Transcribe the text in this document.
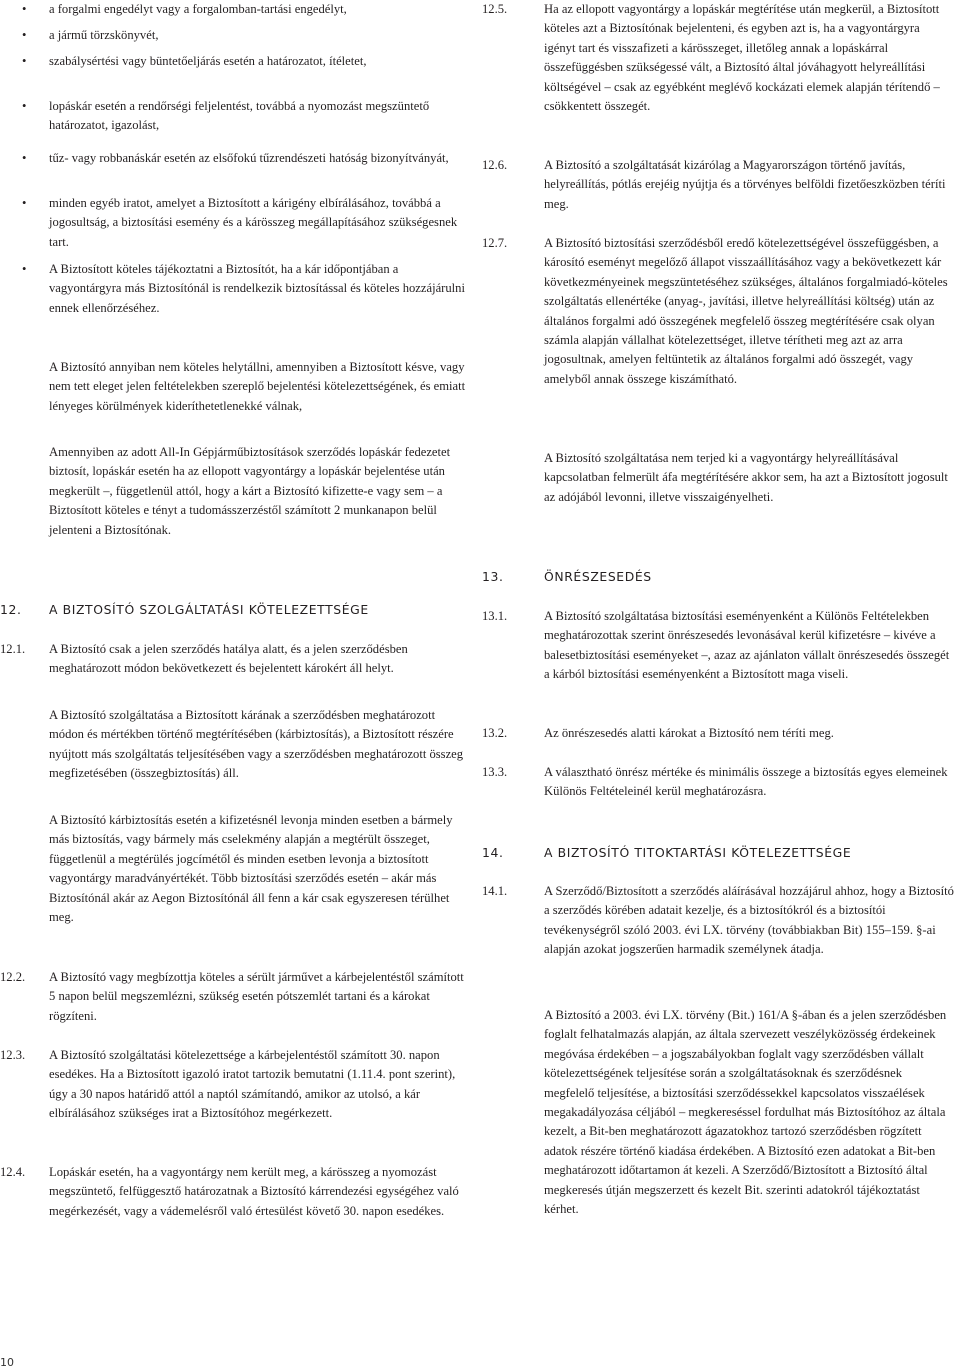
• a forgalmi engedélyt vagy a forgalomban-tartási engedélyt,

• a jármű törzskönyvét,

• szabálysértési vagy büntetőeljárás esetén a határozatot, ítéletet,

• lopáskár esetén a rendőrségi feljelentést, továbbá a nyomozást megszüntető határozatot, igazolást,

• tűz- vagy robbanáskár esetén az elsőfokú tűzrendészeti hatóság bizonyítványát,

• minden egyéb iratot, amelyet a Biztosított a kárigény elbírálásához, továbbá a jogosultság, a biztosítási esemény és a kárösszeg megállapításához szükségesnek tart.

• A Biztosított köteles tájékoztatni a Biztosítót, ha a kár időpontjában a vagyontárgyra más Biztosítónál is rendelkezik biztosítással és köteles hozzájárulni ennek ellenőrzéséhez.

A Biztosító annyiban nem köteles helytállni, amennyiben a Biztosított késve, vagy nem tett eleget jelen feltételekben szereplő bejelentési kötelezettségének, és emiatt lényeges körülmények kideríthetetlenekké válnak,

Amennyiben az adott All-In Gépjárműbiztosítások szerződés lopáskár fedezetet biztosít, lopáskár esetén ha az ellopott vagyontárgy a lopáskár bejelentése után megkerült –, függetlenül attól, hogy a kárt a Biztosító kifizette-e vagy sem – a Biztosított köteles e tényt a tudomásszerzéstől számított 2 munkanapon belül jelenteni a Biztosítónak.

12. A BIZTOSÍTÓ SZOLGÁLTATÁSI KÖTELEZETTSÉGE
12.1. A Biztosító csak a jelen szerződés hatálya alatt, és a jelen szerződésben meghatározott módon bekövetkezett és bejelentett károkért áll helyt.

A Biztosító szolgáltatása a Biztosított kárának a szerződésben meghatározott módon és mértékben történő megtérítésében (kárbiztosítás), a Biztosított részére nyújtott más szolgáltatás teljesítésében vagy a szerződésben meghatározott összeg megfizetésében (összegbiztosítás) áll.

A Biztosító kárbiztosítás esetén a kifizetésnél levonja minden esetben a bármely más biztosítás, vagy bármely más cselekmény alapján a megtérült összeget, függetlenül a megtérülés jogcímétől és minden esetben levonja a biztosított vagyontárgy maradványértékét. Több biztosítási szerződés esetén – akár más Biztosítónál akár az Aegon Biztosítónál áll fenn a kár csak egyszeresen térülhet meg.

12.2. A Biztosító vagy megbízottja köteles a sérült járművet a kárbejelentéstől számított 5 napon belül megszemlézni, szükség esetén pótszemlét tartani és a károkat rögzíteni.

12.3. A Biztosító szolgáltatási kötelezettsége a kárbejelentéstől számított 30. napon esedékes. Ha a Biztosított igazoló iratot tartozik bemutatni (1.11.4. pont szerint), úgy a 30 napos határidő attól a naptól számítandó, amikor az utolsó, a kár elbírálásához szükséges irat a Biztosítóhoz megérkezett.

12.4. Lopáskár esetén, ha a vagyontárgy nem került meg, a kárösszeg a nyomozást megszüntető, felfüggesztő határozatnak a Biztosító kárrendezési egységéhez való megérkezését, vagy a vádemelésről való értesülést követő 30. napon esedékes.

12.5.	Ha az ellopott vagyontárgy a lopáskár megtérítése után megkerül, a Biztosított köteles azt a Biztosítónak bejelenteni, és egyben azt is, ha a vagyontárgyra igényt tart és visszafizeti a kárösszeget, illetőleg annak a lopáskárral összefüggésben szükségessé vált, a Biztosító által jóváhagyott helyreállítási költségével – csak az egyébként meglévő kockázati elemek alapján térítendő – csökkentett összegét.

12.6.	A Biztosító a szolgáltatását kizárólag a Magyarországon történő javítás, helyreállítás, pótlás erejéig nyújtja és a törvényes belföldi fizetőeszközben téríti meg.

12.7.	A Biztosító biztosítási szerződésből eredő kötelezettségével összefüggésben, a károsító eseményt megelőző állapot visszaállításához vagy a bekövetkezett kár következményeinek megszüntetéséhez szükséges, általános forgalmiadó-köteles szolgáltatás ellenértéke (anyag-, javítási, illetve helyreállítási költség) után az általános forgalmi adó összegének megfelelő összeg megtérítésére csak olyan számla alapján vállalhat kötelezettséget, illetve térítheti meg azt az arra jogosultnak, amelyen feltüntetik az általános forgalmi adó összegét, vagy amelyből annak összege kiszámítható.

A Biztosító szolgáltatása nem terjed ki a vagyontárgy helyreállításával kapcsolatban felmerült áfa megtérítésére akkor sem, ha azt a Biztosított jogosult az adójából levonni, illetve visszaigényelheti.

13.	ÖNRÉSZESEDÉS
13.1.	A Biztosító szolgáltatása biztosítási eseményenként a Különös Feltételekben meghatározottak szerint önrészesedés levonásával kerül kifizetésre – kivéve a balesetbiztosítási eseményeket –, azaz az ajánlaton vállalt önrészesedés összegét a kárból biztosítási eseményenként a Biztosított maga viseli.

13.2.	Az önrészesedés alatti károkat a Biztosító nem téríti meg.

13.3.	A választható önrész mértéke és minimális összege a biztosítás egyes elemeinek Különös Feltételeinél kerül meghatározásra.

14.	A BIZTOSÍTÓ TITOKTARTÁSI KÖTELEZETTSÉGE
14.1.	A Szerződő/Biztosított a szerződés aláírásával hozzájárul ahhoz, hogy a Biztosító a szerződés körében adatait kezelje, és a biztosítókról és a biztosítói tevékenységről szóló 2003. évi LX. törvény (továbbiakban Bit) 155–159. §-ai alapján azokat jogszerűen harmadik személynek átadja.

A Biztosító a 2003. évi LX. törvény (Bit.) 161/A §-ában és a jelen szerződésben foglalt felhatalmazás alapján, az általa szervezett veszélyközösség érdekeinek megóvása érdekében – a jogszabályokban foglalt vagy szerződésben vállalt kötelezettségének teljesítése során a szolgáltatásoknak és szerződésnek megfelelő teljesítése, a biztosítási szerződéssekkel kapcsolatos visszaélések megakadályozása céljából – megkereséssel fordulhat más Biztosítóhoz az általa kezelt, a Bit-ben meghatározott ágazatokhoz tartozó szerződésben rögzített adatok részére történő kiadása érdekében. A Biztosító ezen adatokat a Bit-ben meghatározott időtartamon át kezeli. A Szerződő/Biztosított a Biztosító által megkeresés útján megszerzett és kezelt Bit. szerinti adatokról tájékoztatást kérhet.

10
